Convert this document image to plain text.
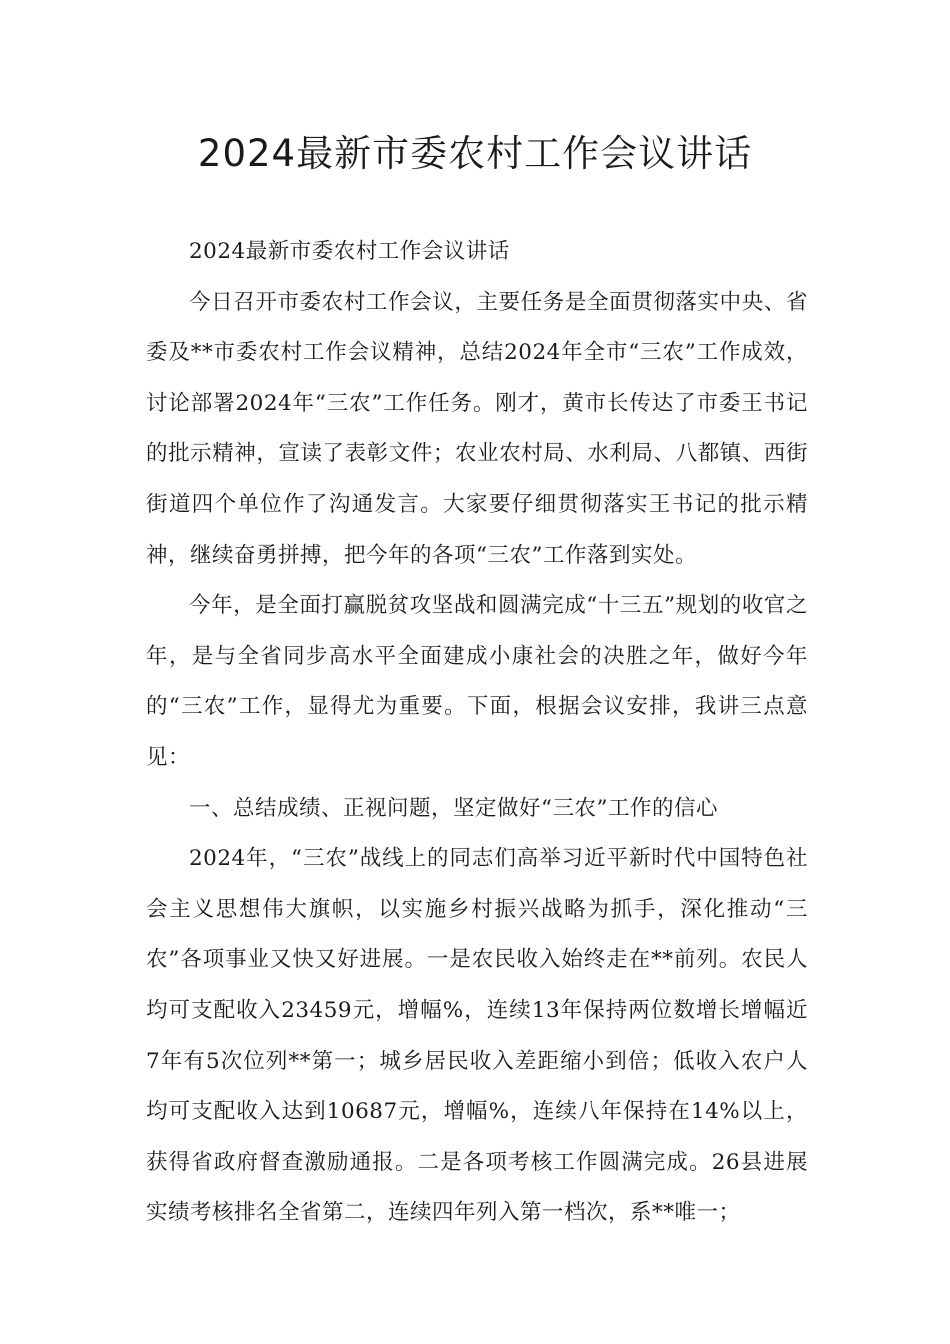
2024最新市委农村工作会议讲话

2024最新市委农村工作会议讲话

今日召开市委农村工作会议，主要任务是全面贯彻落实中央、省委及**市委农村工作会议精神，总结2024年全市“三农”工作成效，讨论部署2024年“三农”工作任务。刚才，黄市长传达了市委王书记的批示精神，宣读了表彰文件；农业农村局、水利局、八都镇、西街街道四个单位作了沟通发言。大家要仔细贯彻落实王书记的批示精神，继续奋勇拼搏，把今年的各项“三农”工作落到实处。

今年，是全面打赢脱贫攻坚战和圆满完成“十三五”规划的收官之年，是与全省同步高水平全面建成小康社会的决胜之年，做好今年的“三农”工作，显得尤为重要。下面，根据会议安排，我讲三点意见：

一、总结成绩、正视问题，坚定做好“三农”工作的信心

2024年，“三农”战线上的同志们高举习近平新时代中国特色社会主义思想伟大旗帜，以实施乡村振兴战略为抓手，深化推动“三农”各项事业又快又好进展。一是农民收入始终走在**前列。农民人均可支配收入23459元，增幅%，连续13年保持两位数增长增幅近7年有5次位列**第一；城乡居民收入差距缩小到倍；低收入农户人均可支配收入达到10687元，增幅%，连续八年保持在14%以上，获得省政府督查激励通报。二是各项考核工作圆满完成。26县进展实绩考核排名全省第二，连续四年列入第一档次，系**唯一；
